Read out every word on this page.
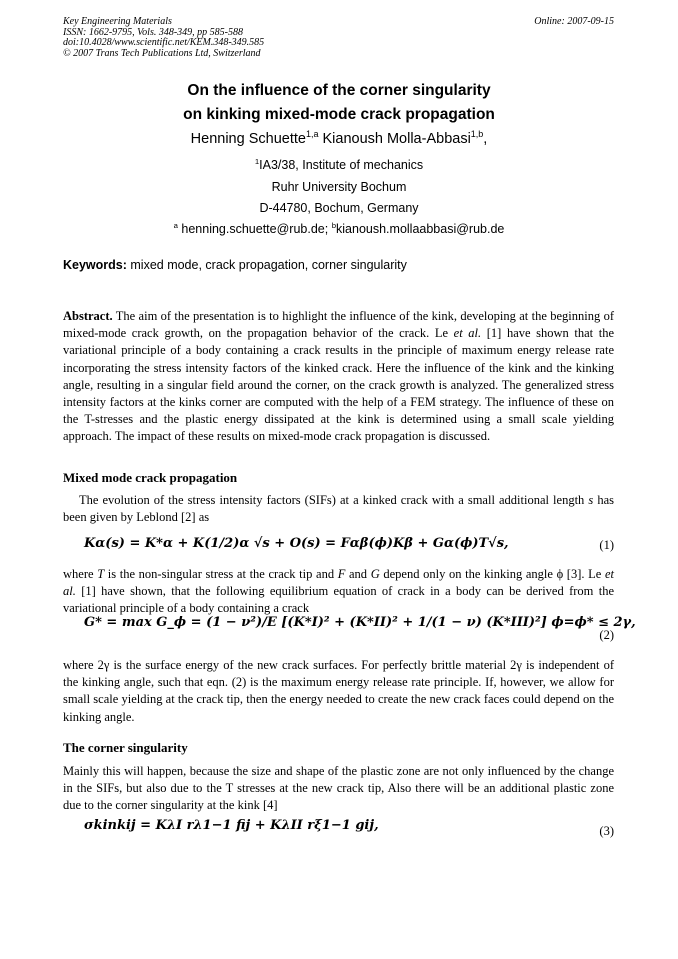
Key Engineering Materials
ISSN: 1662-9795, Vols. 348-349, pp 585-588
doi:10.4028/www.scientific.net/KEM.348-349.585
© 2007 Trans Tech Publications Ltd, Switzerland
Online: 2007-09-15
On the influence of the corner singularity
on kinking mixed-mode crack propagation
Henning Schuette$^{1,a}$ Kianoush Molla-Abbasi$^{1,b}$,
$^1$IA3/38, Institute of mechanics
Ruhr University Bochum
D-44780, Bochum, Germany
$^a$ henning.schuette@rub.de; $^b$kianoush.mollaabbasi@rub.de
Keywords: mixed mode, crack propagation, corner singularity
Abstract. The aim of the presentation is to highlight the influence of the kink, developing at the beginning of mixed-mode crack growth, on the propagation behavior of the crack. Le et al. [1] have shown that the variational principle of a body containing a crack results in the principle of maximum energy release rate incorporating the stress intensity factors of the kinked crack. Here the influence of the kink and the kinking angle, resulting in a singular field around the corner, on the crack growth is analyzed. The generalized stress intensity factors at the kinks corner are computed with the help of a FEM strategy. The influence of these on the T-stresses and the plastic energy dissipated at the kink is determined using a small scale yielding approach. The impact of these results on mixed-mode crack propagation is discussed.
Mixed mode crack propagation
The evolution of the stress intensity factors (SIFs) at a kinked crack with a small additional length s has been given by Leblond [2] as
Kα(s) = K*α + K(1/2)α √s + O(s) = Fαβ(ϕ)Kβ + Gα(ϕ)T√s,	(1)
where T is the non-singular stress at the crack tip and F and G depend only on the kinking angle ϕ [3]. Le et al. [1] have shown, that the following equilibrium equation of crack in a body can be derived from the variational principle of a body containing a crack
G* = max G_ϕ = (1 − ν²)/E [(K*I)² + (K*II)² + 1/(1 − ν) (K*III)²] ϕ=ϕ* ≤ 2γ,
(2)
where 2γ is the surface energy of the new crack surfaces. For perfectly brittle material 2γ is independent of the kinking angle, such that eqn. (2) is the maximum energy release rate principle. If, however, we allow for small scale yielding at the crack tip, then the energy needed to create the new crack faces could depend on the kinking angle.
The corner singularity
Mainly this will happen, because the size and shape of the plastic zone are not only influenced by the change in the SIFs, but also due to the T stresses at the new crack tip, Also there will be an additional plastic zone due to the corner singularity at the kink [4]
σkinkij = KλI rλ1−1 fij + KλII rξ1−1 gij,	(3)
